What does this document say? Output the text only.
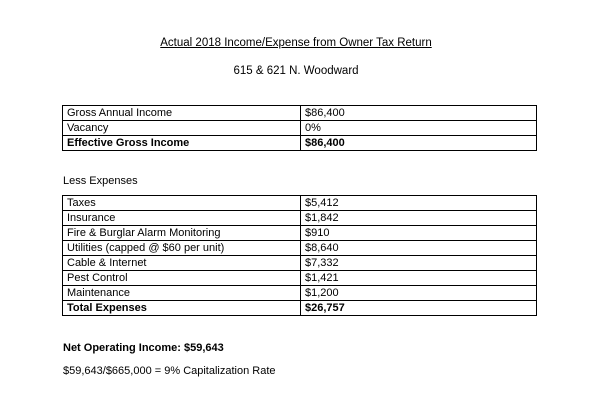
Actual 2018 Income/Expense from Owner Tax Return
615 & 621 N. Woodward
Gross Annual Income	$86,400
Vacancy	0%
Effective Gross Income	$86,400
Less Expenses
Taxes	$5,412
Insurance	$1,842
Fire & Burglar Alarm Monitoring	$910
Utilities (capped @ $60 per unit)	$8,640
Cable & Internet	$7,332
Pest Control	$1,421
Maintenance	$1,200
Total Expenses	$26,757
Net Operating Income: $59,643
$59,643/$665,000 = 9% Capitalization Rate
